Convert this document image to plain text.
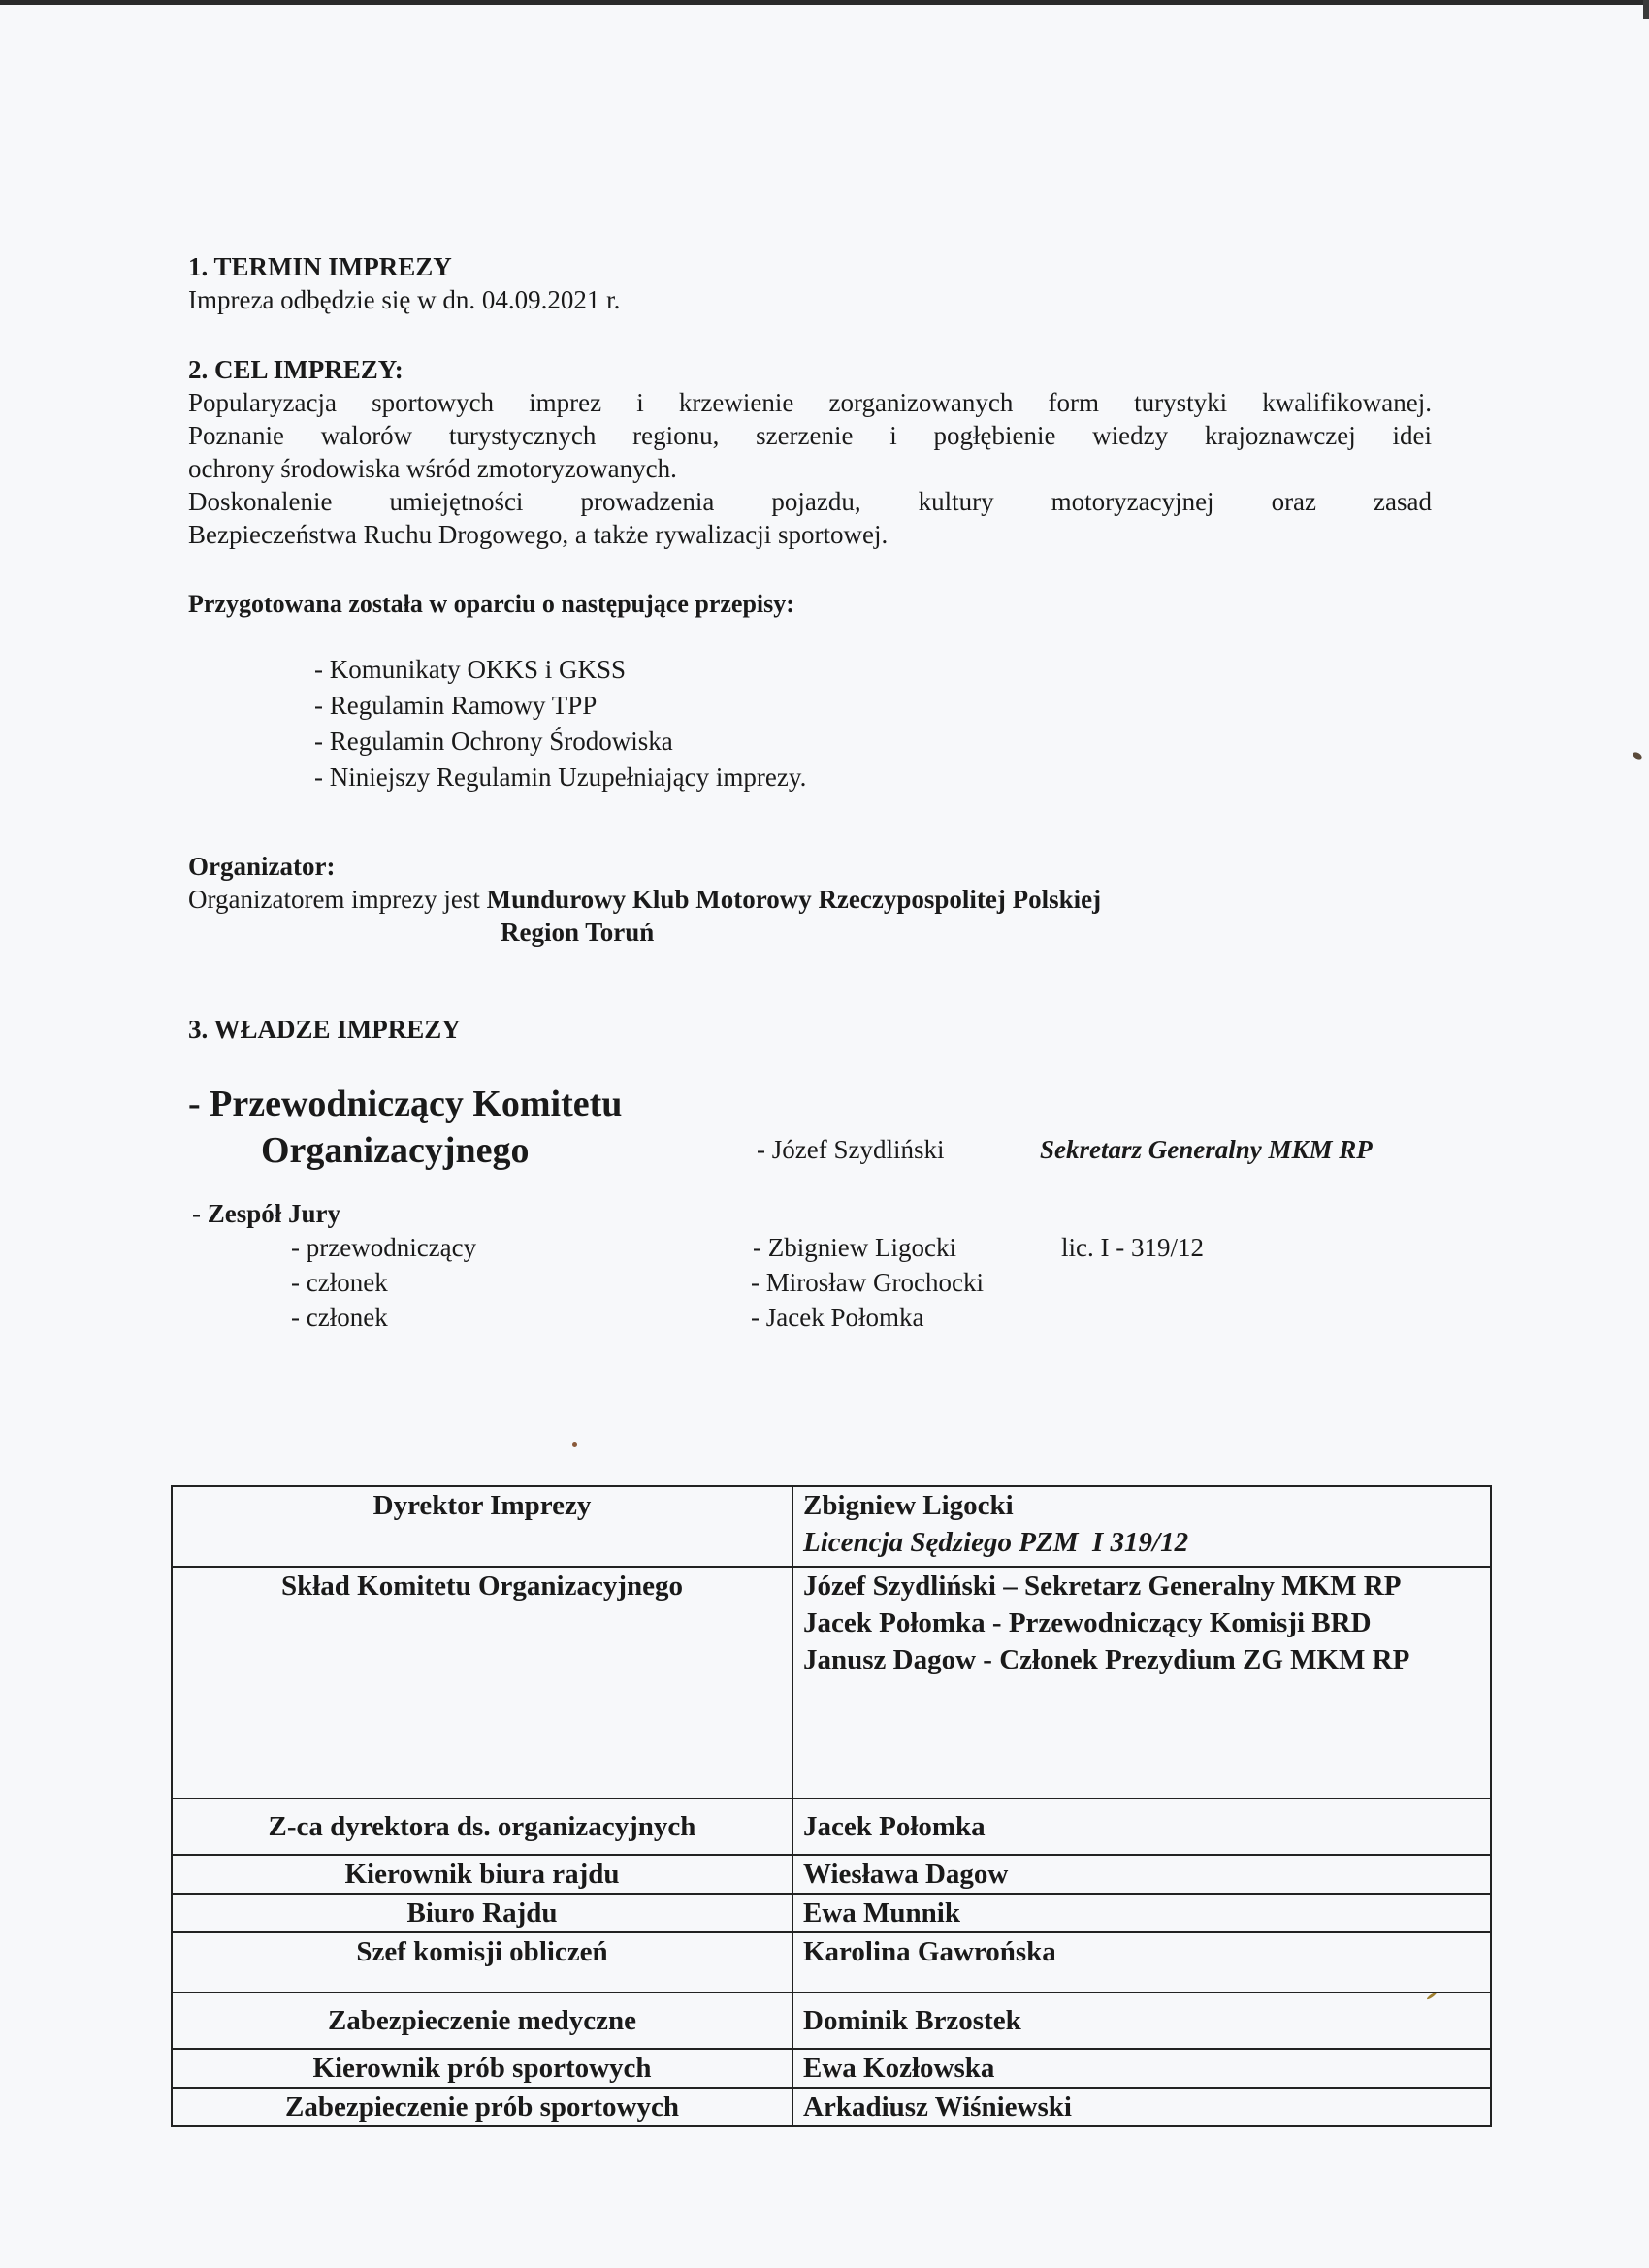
1. TERMIN IMPREZY
Impreza odbędzie się w dn. 04.09.2021 r.
2. CEL IMPREZY:
Popularyzacja sportowych imprez i krzewienie zorganizowanych form turystyki kwalifikowanej.
Poznanie walorów turystycznych regionu, szerzenie i pogłębienie wiedzy krajoznawczej idei
ochrony środowiska wśród zmotoryzowanych.
Doskonalenie umiejętności prowadzenia pojazdu, kultury motoryzacyjnej oraz zasad
Bezpieczeństwa Ruchu Drogowego, a także rywalizacji sportowej.
Przygotowana została w oparciu o następujące przepisy:
- Komunikaty OKKS i GKSS
- Regulamin Ramowy TPP
- Regulamin Ochrony Środowiska
- Niniejszy Regulamin Uzupełniający imprezy.
Organizator:
Organizatorem imprezy jest Mundurowy Klub Motorowy Rzeczypospolitej Polskiej
Region Toruń
3. WŁADZE IMPREZY
- Przewodniczący Komitetu
Organizacyjnego	- Józef Szydliński	Sekretarz Generalny MKM RP
- Zespół Jury
- przewodniczący	- Zbigniew Ligocki	lic. I - 319/12
- członek	- Mirosław Grochocki
- członek	- Jacek Połomka
Dyrektor Imprezy	Zbigniew Ligocki
Licencja Sędziego PZM  I 319/12

Skład Komitetu Organizacyjnego	Józef Szydliński – Sekretarz Generalny MKM RP
Jacek Połomka - Przewodniczący Komisji BRD
Janusz Dagow - Członek Prezydium ZG MKM RP

Z-ca dyrektora ds. organizacyjnych	Jacek Połomka

Kierownik biura rajdu	Wiesława Dagow

Biuro Rajdu	Ewa Munnik

Szef komisji obliczeń	Karolina Gawrońska

Zabezpieczenie medyczne	Dominik Brzostek

Kierownik prób sportowych	Ewa Kozłowska

Zabezpieczenie prób sportowych	Arkadiusz Wiśniewski
